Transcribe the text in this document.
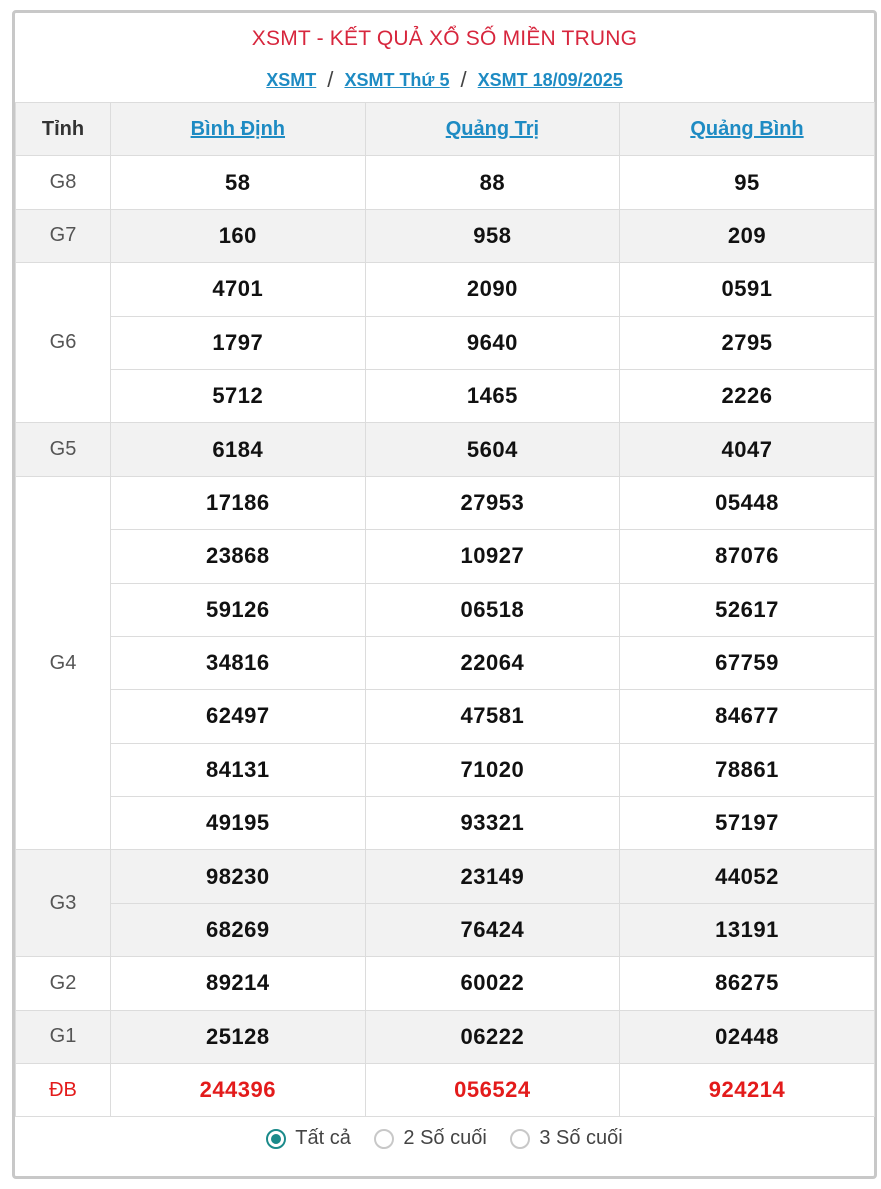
XSMT - KẾT QUẢ XỔ SỐ MIỀN TRUNG
XSMT / XSMT Thứ 5 / XSMT 18/09/2025
Tỉnh	Bình Định	Quảng Trị	Quảng Bình
G8	58	88	95
G7	160	958	209
G6	4701	2090	0591
	1797	9640	2795
	5712	1465	2226
G5	6184	5604	4047
G4	17186	27953	05448
	23868	10927	87076
	59126	06518	52617
	34816	22064	67759
	62497	47581	84677
	84131	71020	78861
	49195	93321	57197
G3	98230	23149	44052
	68269	76424	13191
G2	89214	60022	86275
G1	25128	06222	02448
ĐB	244396	056524	924214
Tất cả
	2 Số cuối
	3 Số cuối
